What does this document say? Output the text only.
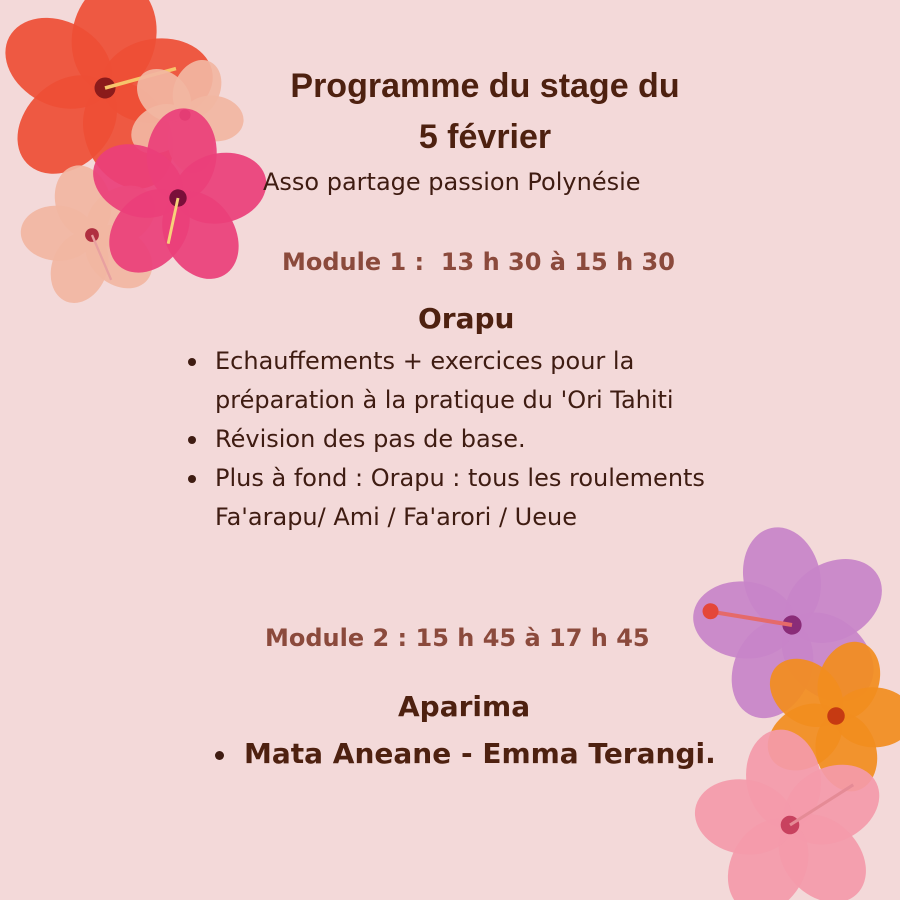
Programme du stage du
5 février

Asso partage passion Polynésie

Module 1 :  13 h 30 à 15 h 30
Orapu
Echauffements + exercices pour la
préparation à la pratique du 'Ori Tahiti
Révision des pas de base.
Plus à fond : Orapu : tous les roulements
Fa'arapu/ Ami / Fa'arori / Ueue
Module 2 : 15 h 45 à 17 h 45
Aparima
Mata Aneane - Emma Terangi.
